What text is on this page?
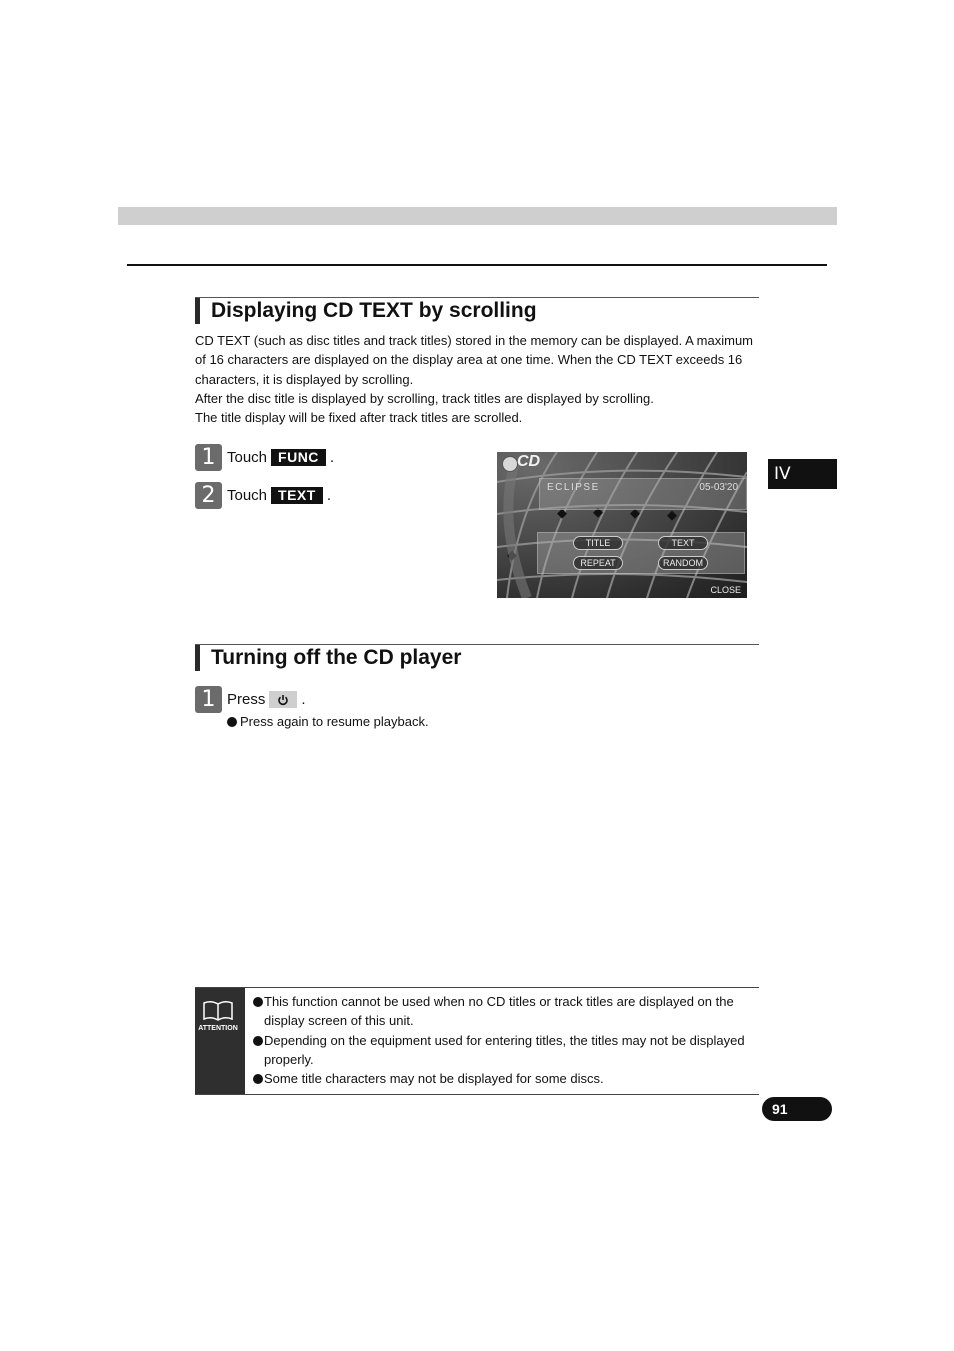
Displaying CD TEXT by scrolling

CD TEXT (such as disc titles and track titles) stored in the memory can be displayed. A maximum of 16 characters are displayed on the display area at one time. When the CD TEXT exceeds 16 characters, it is displayed by scrolling.

After the disc title is displayed by scrolling, track titles are displayed by scrolling.

The title display will be fixed after track titles are scrolled.

1 Touch FUNC .
2 Touch TEXT .
CD
ECLIPSE	05-03'20
TITLE	TEXT
REPEAT	RANDOM
CLOSE
IV
Turning off the CD player
1 Press .
Press again to resume playback.
ATTENTION
This function cannot be used when no CD titles or track titles are displayed on the display screen of this unit.
Depending on the equipment used for entering titles, the titles may not be displayed properly.
Some title characters may not be displayed for some discs.
91
